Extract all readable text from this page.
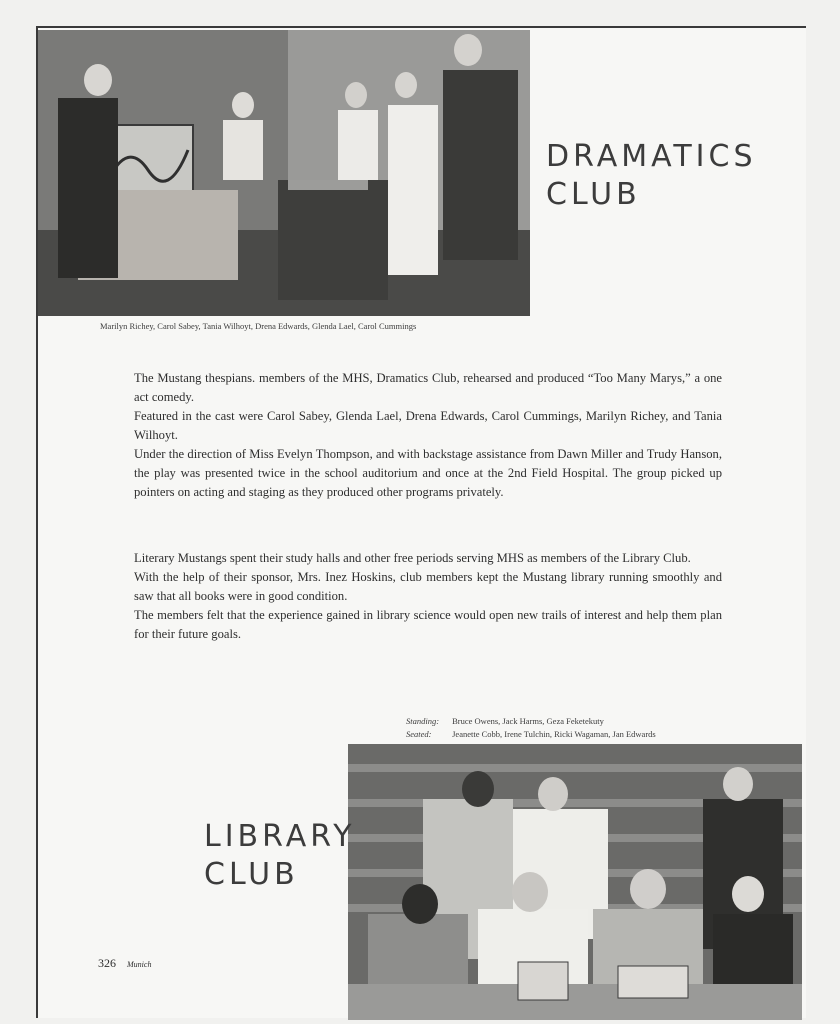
DRAMATICS
CLUB
Marilyn Richey, Carol Sabey, Tania Wilhoyt, Drena Edwards, Glenda Lael, Carol Cummings

The Mustang thespians. members of the MHS, Dramatics Club, rehearsed and produced “Too Many Marys,” a one act comedy.

Featured in the cast were Carol Sabey, Glenda Lael, Drena Edwards, Carol Cummings, Marilyn Richey, and Tania Wilhoyt.

Under the direction of Miss Evelyn Thompson, and with backstage assistance from Dawn Miller and Trudy Hanson, the play was presented twice in the school auditorium and once at the 2nd Field Hospital. The group picked up pointers on acting and staging as they produced other programs privately.

Literary Mustangs spent their study halls and other free periods serving MHS as members of the Library Club.

With the help of their sponsor, Mrs. Inez Hoskins, club members kept the Mustang library running smoothly and saw that all books were in good condition.

The members felt that the experience gained in library science would open new trails of interest and help them plan for their future goals.

Standing: Bruce Owens, Jack Harms, Geza Feketekuty
Seated: Jeanette Cobb, Irene Tulchin, Ricki Wagaman, Jan Edwards
LIBRARY
CLUB
326 Munich
